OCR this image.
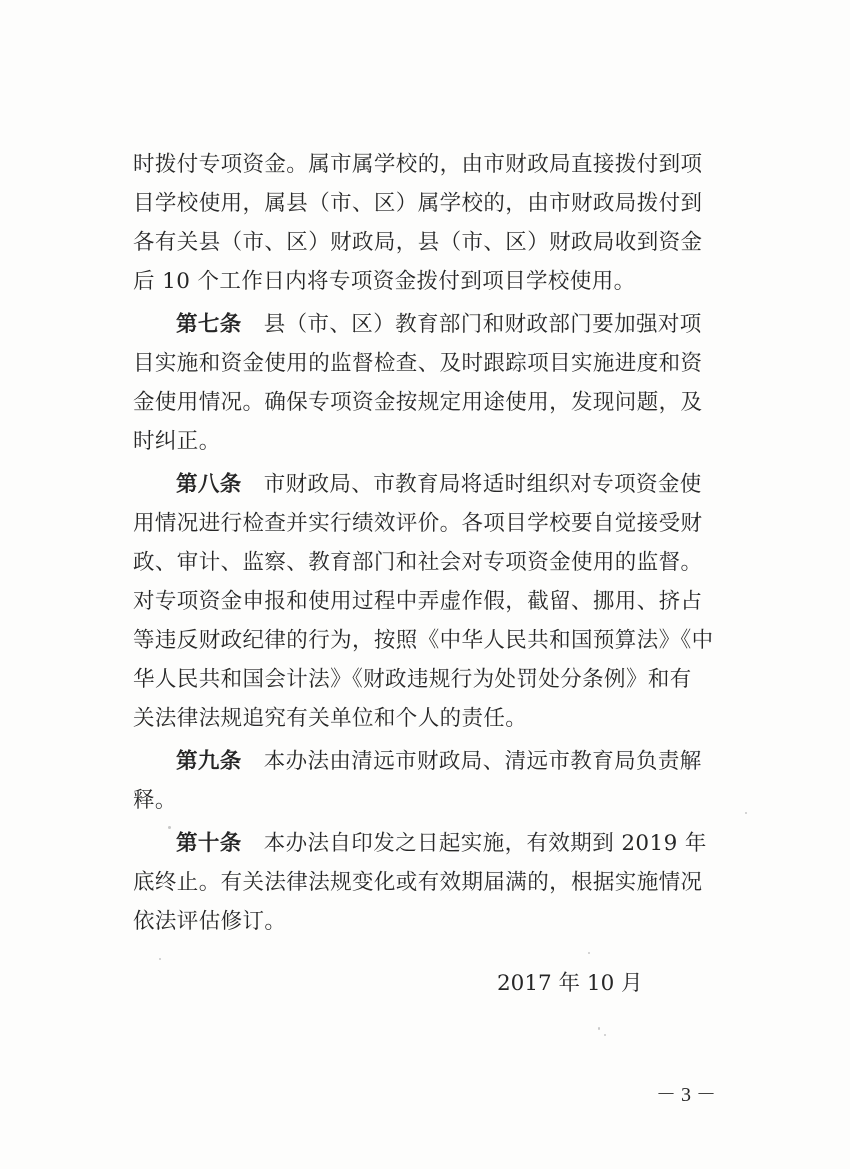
时拨付专项资金。属市属学校的，由市财政局直接拨付到项
目学校使用，属县（市、区）属学校的，由市财政局拨付到
各有关县（市、区）财政局，县（市、区）财政局收到资金
后 10 个工作日内将专项资金拨付到项目学校使用。
第七条 县（市、区）教育部门和财政部门要加强对项
目实施和资金使用的监督检查、及时跟踪项目实施进度和资
金使用情况。确保专项资金按规定用途使用，发现问题，及
时纠正。
第八条 市财政局、市教育局将适时组织对专项资金使
用情况进行检查并实行绩效评价。各项目学校要自觉接受财
政、审计、监察、教育部门和社会对专项资金使用的监督。
对专项资金申报和使用过程中弄虚作假，截留、挪用、挤占
等违反财政纪律的行为，按照《中华人民共和国预算法》《中
华人民共和国会计法》《财政违规行为处罚处分条例》和有
关法律法规追究有关单位和个人的责任。
第九条 本办法由清远市财政局、清远市教育局负责解
释。
第十条 本办法自印发之日起实施，有效期到 2019 年
底终止。有关法律法规变化或有效期届满的，根据实施情况
依法评估修订。
2017 年 10 月
－ 3 －
